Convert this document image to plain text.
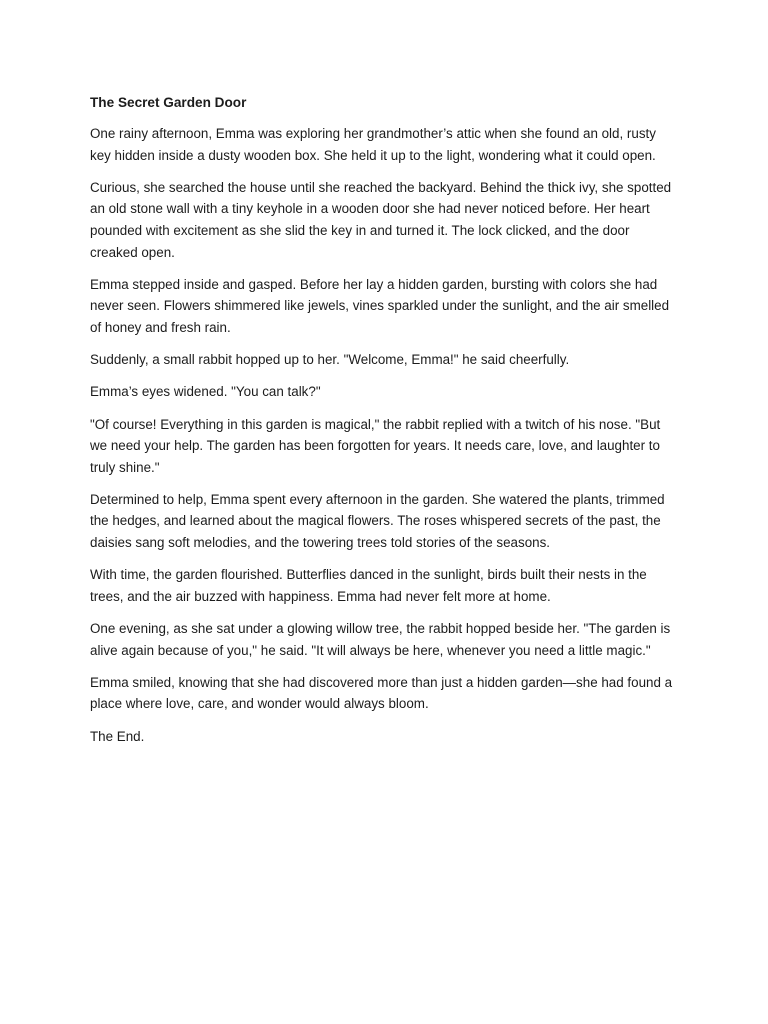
The Secret Garden Door

One rainy afternoon, Emma was exploring her grandmother’s attic when she found an old, rusty key hidden inside a dusty wooden box. She held it up to the light, wondering what it could open.

Curious, she searched the house until she reached the backyard. Behind the thick ivy, she spotted an old stone wall with a tiny keyhole in a wooden door she had never noticed before. Her heart pounded with excitement as she slid the key in and turned it. The lock clicked, and the door creaked open.

Emma stepped inside and gasped. Before her lay a hidden garden, bursting with colors she had never seen. Flowers shimmered like jewels, vines sparkled under the sunlight, and the air smelled of honey and fresh rain.

Suddenly, a small rabbit hopped up to her. "Welcome, Emma!" he said cheerfully.

Emma’s eyes widened. "You can talk?"

"Of course! Everything in this garden is magical," the rabbit replied with a twitch of his nose. "But we need your help. The garden has been forgotten for years. It needs care, love, and laughter to truly shine."

Determined to help, Emma spent every afternoon in the garden. She watered the plants, trimmed the hedges, and learned about the magical flowers. The roses whispered secrets of the past, the daisies sang soft melodies, and the towering trees told stories of the seasons.

With time, the garden flourished. Butterflies danced in the sunlight, birds built their nests in the trees, and the air buzzed with happiness. Emma had never felt more at home.

One evening, as she sat under a glowing willow tree, the rabbit hopped beside her. "The garden is alive again because of you," he said. "It will always be here, whenever you need a little magic."

Emma smiled, knowing that she had discovered more than just a hidden garden—she had found a place where love, care, and wonder would always bloom.

The End.
